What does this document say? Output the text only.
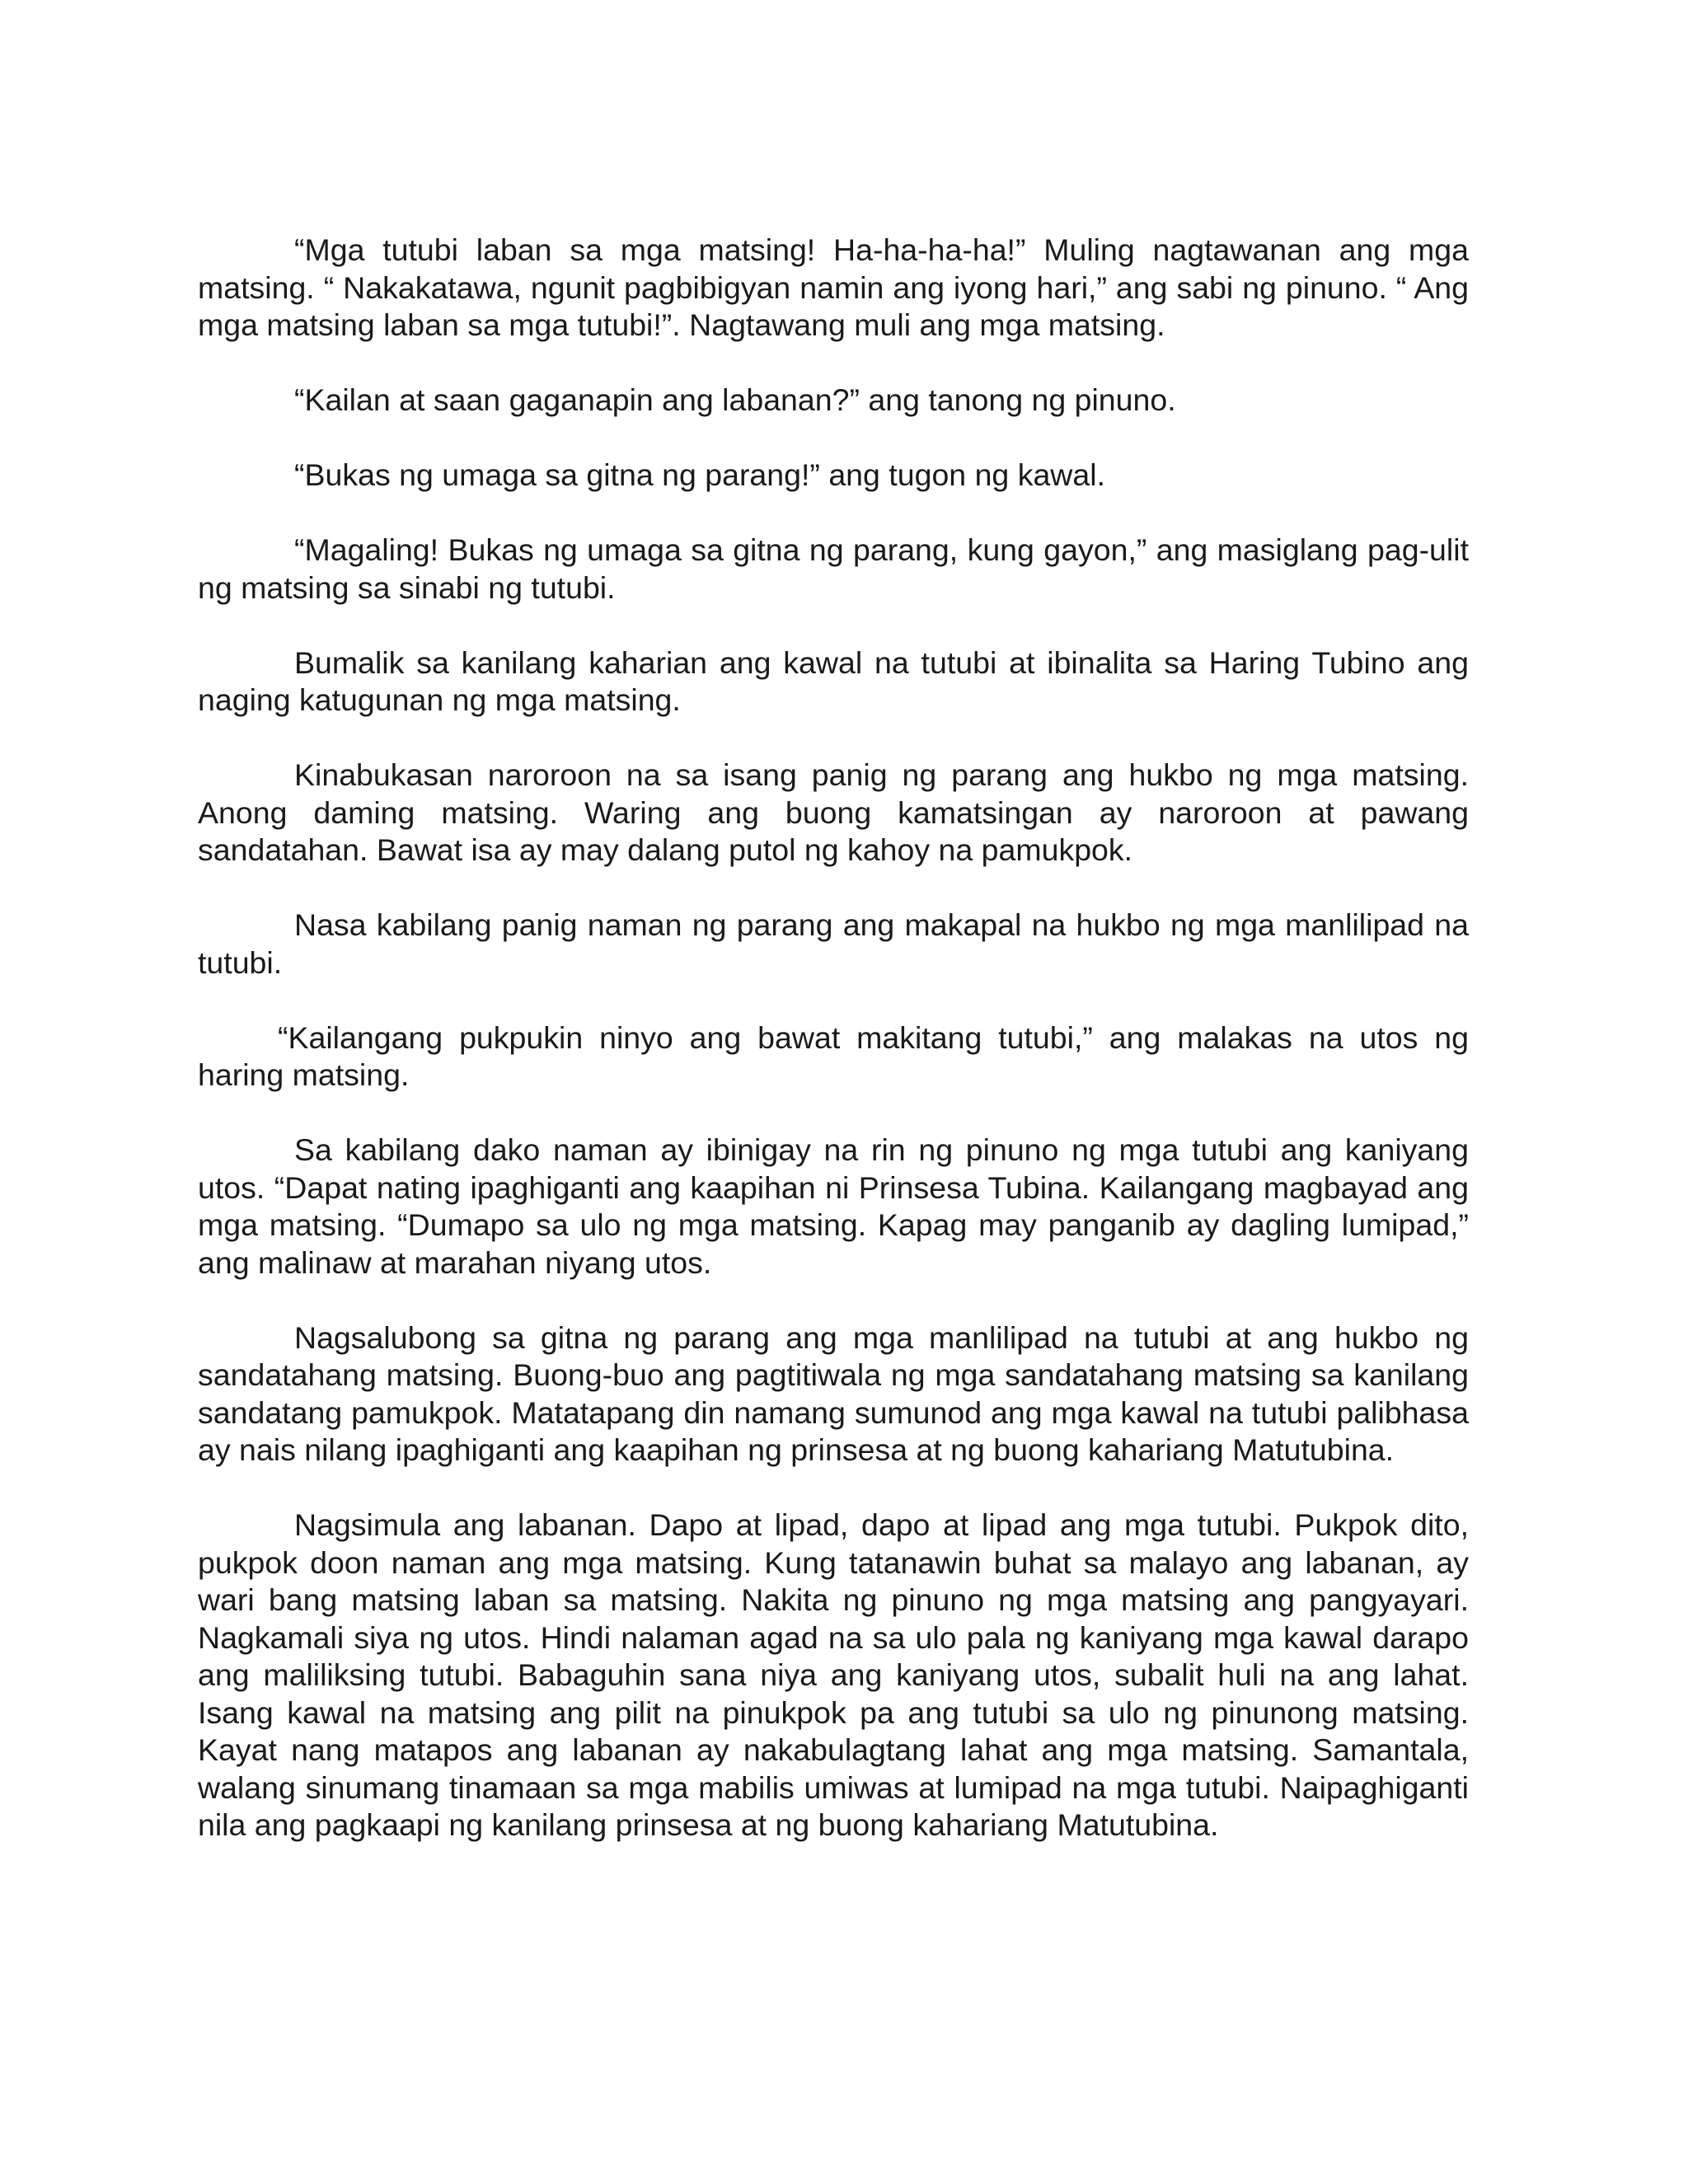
“Mga tutubi laban sa mga matsing! Ha-ha-ha-ha!” Muling nagtawanan ang mga matsing. “ Nakakatawa, ngunit pagbibigyan namin ang iyong hari,” ang sabi ng pinuno. “ Ang mga matsing laban sa mga tutubi!”. Nagtawang muli ang mga matsing.

“Kailan at saan gaganapin ang labanan?” ang tanong ng pinuno.

“Bukas ng umaga sa gitna ng parang!” ang tugon ng kawal.

“Magaling! Bukas ng umaga sa gitna ng parang, kung gayon,” ang masiglang pag-ulit ng matsing sa sinabi ng tutubi.

Bumalik sa kanilang kaharian ang kawal na tutubi at ibinalita sa Haring Tubino ang naging katugunan ng mga matsing.

Kinabukasan naroroon na sa isang panig ng parang ang hukbo ng mga matsing. Anong daming matsing. Waring ang buong kamatsingan ay naroroon at pawang sandatahan. Bawat isa ay may dalang putol ng kahoy na pamukpok.

Nasa kabilang panig naman ng parang ang makapal na hukbo ng mga manlilipad na tutubi.

“Kailangang pukpukin ninyo ang bawat makitang tutubi,” ang malakas na utos ng haring matsing.

Sa kabilang dako naman ay ibinigay na rin ng pinuno ng mga tutubi ang kaniyang utos. “Dapat nating ipaghiganti ang kaapihan ni Prinsesa Tubina. Kailangang magbayad ang mga matsing. “Dumapo sa ulo ng mga matsing. Kapag may panganib ay dagling lumipad,” ang malinaw at marahan niyang utos.

Nagsalubong sa gitna ng parang ang mga manlilipad na tutubi at ang hukbo ng sandatahang matsing. Buong-buo ang pagtitiwala ng mga sandatahang matsing sa kanilang sandatang pamukpok. Matatapang din namang sumunod ang mga kawal na tutubi palibhasa ay nais nilang ipaghiganti ang kaapihan ng prinsesa at ng buong kahariang Matutubina.

Nagsimula ang labanan. Dapo at lipad, dapo at lipad ang mga tutubi. Pukpok dito, pukpok doon naman ang mga matsing. Kung tatanawin buhat sa malayo ang labanan, ay wari bang matsing laban sa matsing. Nakita ng pinuno ng mga matsing ang pangyayari. Nagkamali siya ng utos. Hindi nalaman agad na sa ulo pala ng kaniyang mga kawal darapo ang maliliksing tutubi. Babaguhin sana niya ang kaniyang utos, subalit huli na ang lahat. Isang kawal na matsing ang pilit na pinukpok pa ang tutubi sa ulo ng pinunong matsing. Kayat nang matapos ang labanan ay nakabulagtang lahat ang mga matsing. Samantala, walang sinumang tinamaan sa mga mabilis umiwas at lumipad na mga tutubi. Naipaghiganti nila ang pagkaapi ng kanilang prinsesa at ng buong kahariang Matutubina.
